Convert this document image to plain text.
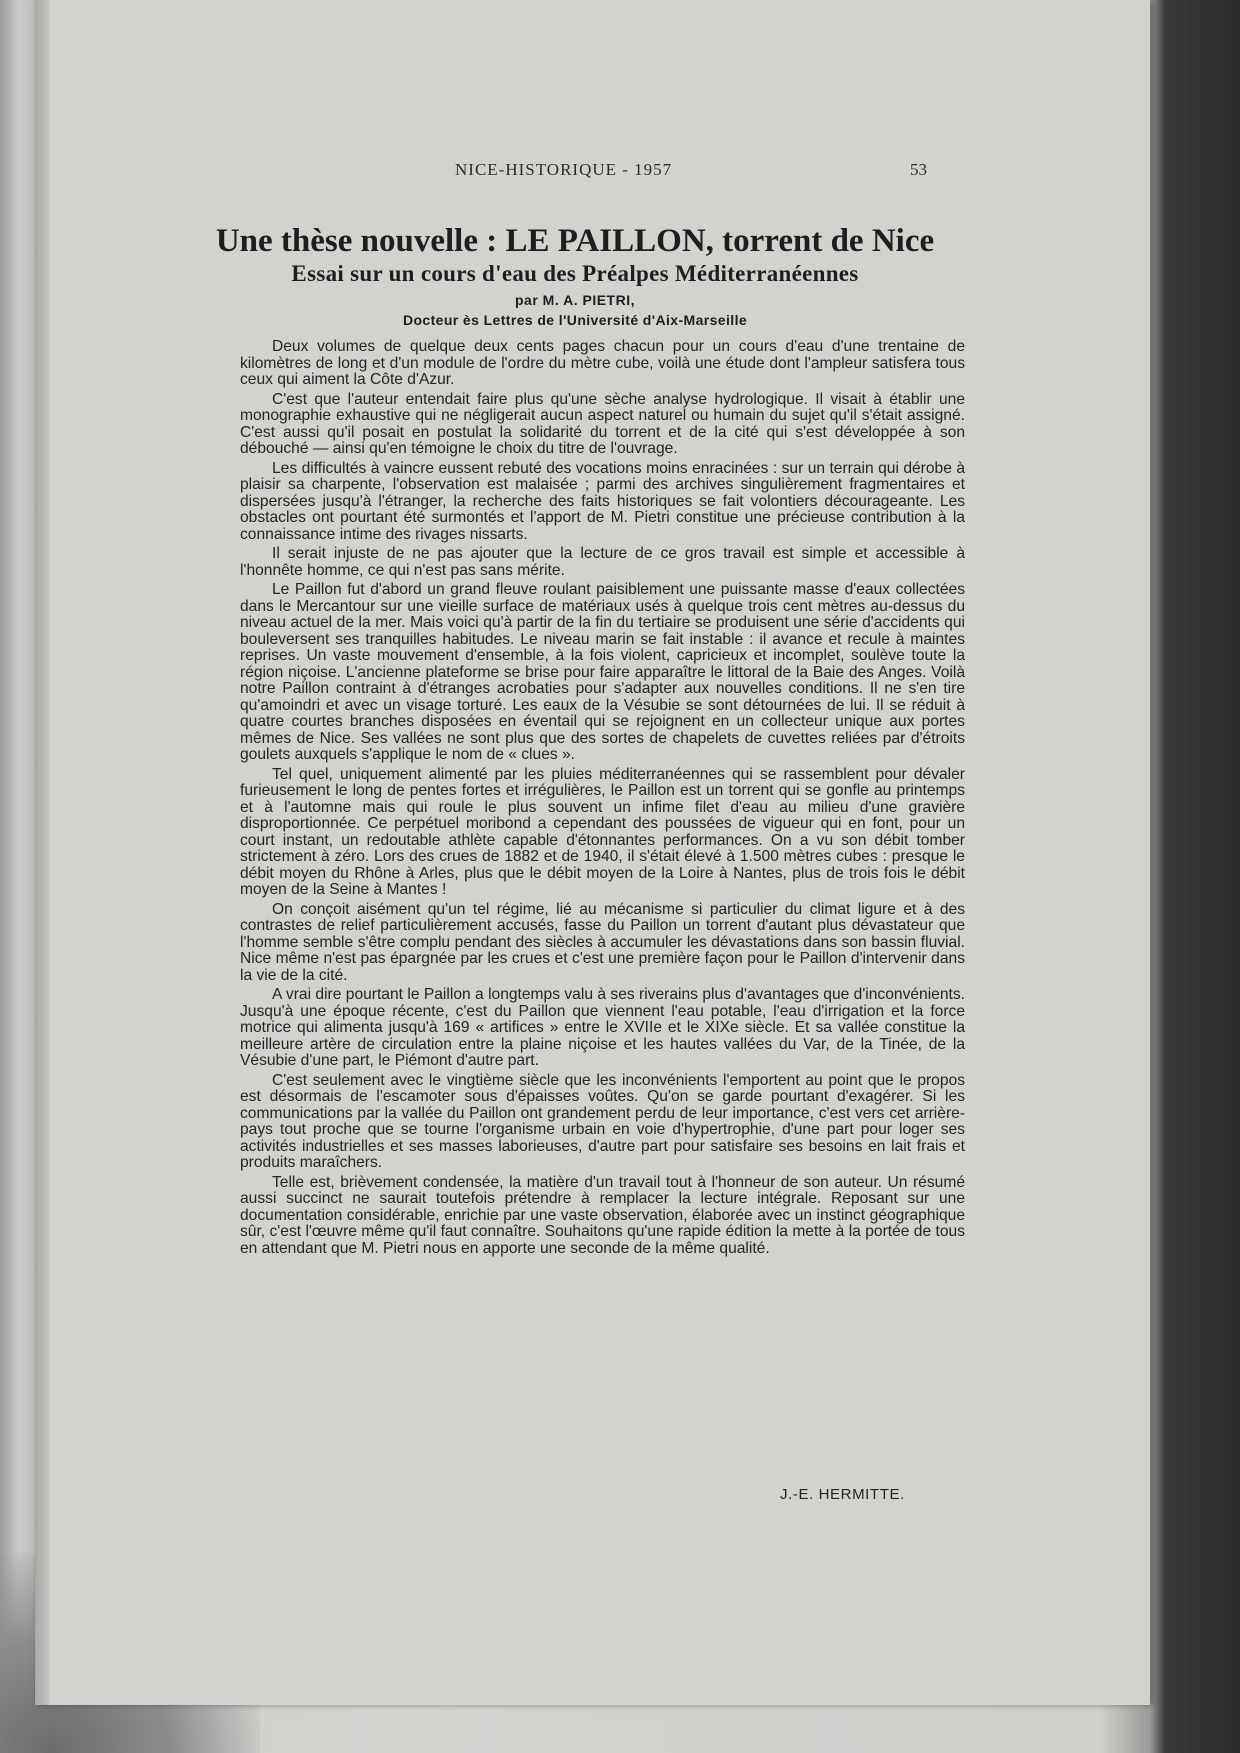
NICE-HISTORIQUE - 1957	53
Une thèse nouvelle : LE PAILLON, torrent de Nice
Essai sur un cours d'eau des Préalpes Méditerranéennes
par M. A. PIETRI,
Docteur ès Lettres de l'Université d'Aix-Marseille

Deux volumes de quelque deux cents pages chacun pour un cours d'eau d'une trentaine de kilomètres de long et d'un module de l'ordre du mètre cube, voilà une étude dont l'ampleur satisfera tous ceux qui aiment la Côte d'Azur.

C'est que l'auteur entendait faire plus qu'une sèche analyse hydrologique. Il visait à établir une monographie exhaustive qui ne négligerait aucun aspect naturel ou humain du sujet qu'il s'était assigné. C'est aussi qu'il posait en postulat la solidarité du torrent et de la cité qui s'est développée à son débouché — ainsi qu'en témoigne le choix du titre de l'ouvrage.

Les difficultés à vaincre eussent rebuté des vocations moins enracinées : sur un terrain qui dérobe à plaisir sa charpente, l'observation est malaisée ; parmi des archives singulièrement fragmentaires et dispersées jusqu'à l'étranger, la recherche des faits historiques se fait volontiers décourageante. Les obstacles ont pourtant été surmontés et l'apport de M. Pietri constitue une précieuse contribution à la connaissance intime des rivages nissarts.

Il serait injuste de ne pas ajouter que la lecture de ce gros travail est simple et accessible à l'honnête homme, ce qui n'est pas sans mérite.

Le Paillon fut d'abord un grand fleuve roulant paisiblement une puissante masse d'eaux collectées dans le Mercantour sur une vieille surface de matériaux usés à quelque trois cent mètres au-dessus du niveau actuel de la mer. Mais voici qu'à partir de la fin du tertiaire se produisent une série d'accidents qui bouleversent ses tranquilles habitudes. Le niveau marin se fait instable : il avance et recule à maintes reprises. Un vaste mouvement d'ensemble, à la fois violent, capricieux et incomplet, soulève toute la région niçoise. L'ancienne plateforme se brise pour faire apparaître le littoral de la Baie des Anges. Voilà notre Paillon contraint à d'étranges acrobaties pour s'adapter aux nouvelles conditions. Il ne s'en tire qu'amoindri et avec un visage torturé. Les eaux de la Vésubie se sont détournées de lui. Il se réduit à quatre courtes branches disposées en éventail qui se rejoignent en un collecteur unique aux portes mêmes de Nice. Ses vallées ne sont plus que des sortes de chapelets de cuvettes reliées par d'étroits goulets auxquels s'applique le nom de « clues ».

Tel quel, uniquement alimenté par les pluies méditerranéennes qui se rassemblent pour dévaler furieusement le long de pentes fortes et irrégulières, le Paillon est un torrent qui se gonfle au printemps et à l'automne mais qui roule le plus souvent un infime filet d'eau au milieu d'une gravière disproportionnée. Ce perpétuel moribond a cependant des poussées de vigueur qui en font, pour un court instant, un redoutable athlète capable d'étonnantes performances. On a vu son débit tomber strictement à zéro. Lors des crues de 1882 et de 1940, il s'était élevé à 1.500 mètres cubes : presque le débit moyen du Rhône à Arles, plus que le débit moyen de la Loire à Nantes, plus de trois fois le débit moyen de la Seine à Mantes !

On conçoit aisément qu'un tel régime, lié au mécanisme si particulier du climat ligure et à des contrastes de relief particulièrement accusés, fasse du Paillon un torrent d'autant plus dévastateur que l'homme semble s'être complu pendant des siècles à accumuler les dévastations dans son bassin fluvial. Nice même n'est pas épargnée par les crues et c'est une première façon pour le Paillon d'intervenir dans la vie de la cité.

A vrai dire pourtant le Paillon a longtemps valu à ses riverains plus d'avantages que d'inconvénients. Jusqu'à une époque récente, c'est du Paillon que viennent l'eau potable, l'eau d'irrigation et la force motrice qui alimenta jusqu'à 169 « artifices » entre le XVIIe et le XIXe siècle. Et sa vallée constitue la meilleure artère de circulation entre la plaine niçoise et les hautes vallées du Var, de la Tinée, de la Vésubie d'une part, le Piémont d'autre part.

C'est seulement avec le vingtième siècle que les inconvénients l'emportent au point que le propos est désormais de l'escamoter sous d'épaisses voûtes. Qu'on se garde pourtant d'exagérer. Si les communications par la vallée du Paillon ont grandement perdu de leur importance, c'est vers cet arrière-pays tout proche que se tourne l'organisme urbain en voie d'hypertrophie, d'une part pour loger ses activités industrielles et ses masses laborieuses, d'autre part pour satisfaire ses besoins en lait frais et produits maraîchers.

Telle est, brièvement condensée, la matière d'un travail tout à l'honneur de son auteur. Un résumé aussi succinct ne saurait toutefois prétendre à remplacer la lecture intégrale. Reposant sur une documentation considérable, enrichie par une vaste observation, élaborée avec un instinct géographique sûr, c'est l'œuvre même qu'il faut connaître. Souhaitons qu'une rapide édition la mette à la portée de tous en attendant que M. Pietri nous en apporte une seconde de la même qualité.

J.-E. HERMITTE.
